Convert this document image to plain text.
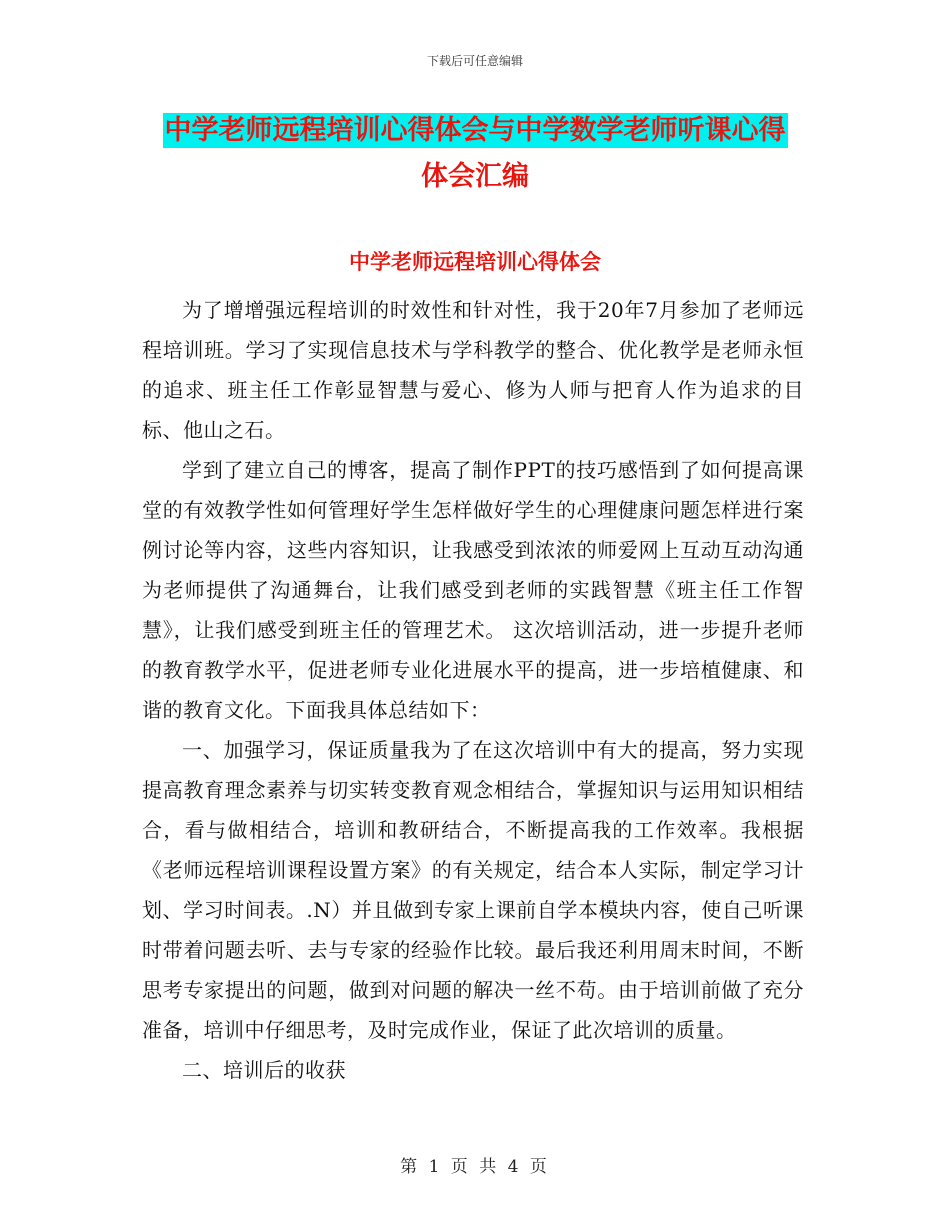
下载后可任意编辑
中学老师远程培训心得体会与中学数学老师听课心得
体会汇编
中学老师远程培训心得体会

为了增增强远程培训的时效性和针对性，我于20年7月参加了老师远程培训班。学习了实现信息技术与学科教学的整合、优化教学是老师永恒的追求、班主任工作彰显智慧与爱心、修为人师与把育人作为追求的目标、他山之石。

学到了建立自己的博客，提高了制作PPT的技巧感悟到了如何提高课堂的有效教学性如何管理好学生怎样做好学生的心理健康问题怎样进行案例讨论等内容，这些内容知识，让我感受到浓浓的师爱网上互动互动沟通为老师提供了沟通舞台，让我们感受到老师的实践智慧《班主任工作智慧》，让我们感受到班主任的管理艺术。 这次培训活动，进一步提升老师的教育教学水平，促进老师专业化进展水平的提高，进一步培植健康、和谐的教育文化。下面我具体总结如下：

一、加强学习，保证质量我为了在这次培训中有大的提高，努力实现提高教育理念素养与切实转变教育观念相结合，掌握知识与运用知识相结合，看与做相结合，培训和教研结合，不断提高我的工作效率。我根据《老师远程培训课程设置方案》的有关规定，结合本人实际，制定学习计划、学习时间表。.N）并且做到专家上课前自学本模块内容，使自己听课时带着问题去听、去与专家的经验作比较。最后我还利用周末时间，不断思考专家提出的问题，做到对问题的解决一丝不苟。由于培训前做了充分准备，培训中仔细思考，及时完成作业，保证了此次培训的质量。

二、培训后的收获

第 1 页 共 4 页
